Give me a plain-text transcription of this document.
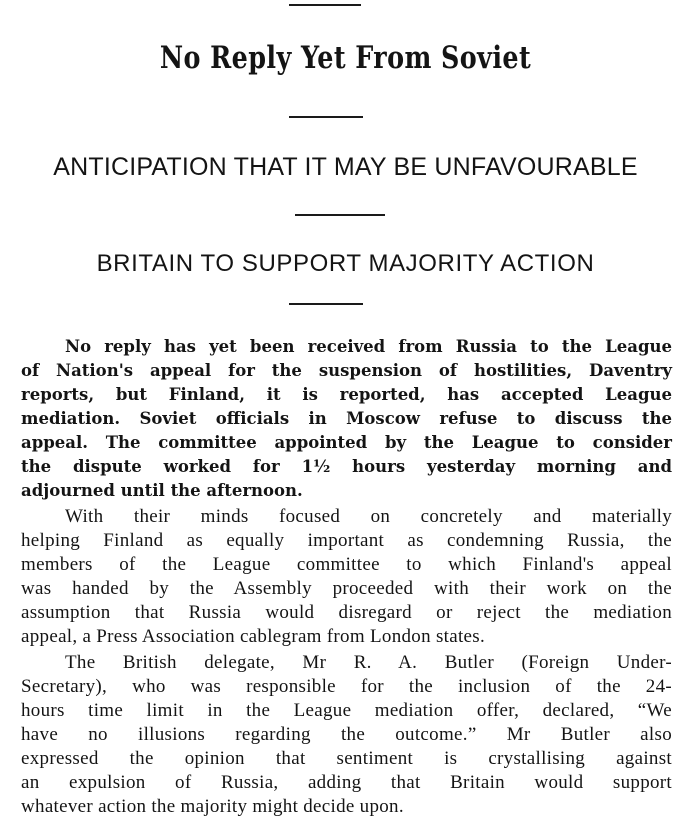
No Reply Yet From Soviet
ANTICIPATION THAT IT MAY BE UNFAVOURABLE
BRITAIN TO SUPPORT MAJORITY ACTION
No reply has yet been received from Russia to the League
of Nation's appeal for the suspension of hostilities, Daventry
reports, but Finland, it is reported, has accepted League
mediation. Soviet officials in Moscow refuse to discuss the
appeal. The committee appointed by the League to consider
the dispute worked for 1½ hours yesterday morning and
adjourned until the afternoon.
With their minds focused on concretely and materially
helping Finland as equally important as condemning Russia, the
members of the League committee to which Finland's appeal
was handed by the Assembly proceeded with their work on the
assumption that Russia would disregard or reject the mediation
appeal, a Press Association cablegram from London states.
The British delegate, Mr R. A. Butler (Foreign Under-
Secretary), who was responsible for the inclusion of the 24-
hours time limit in the League mediation offer, declared, “We
have no illusions regarding the outcome.” Mr Butler also
expressed the opinion that sentiment is crystallising against
an expulsion of Russia, adding that Britain would support
whatever action the majority might decide upon.
